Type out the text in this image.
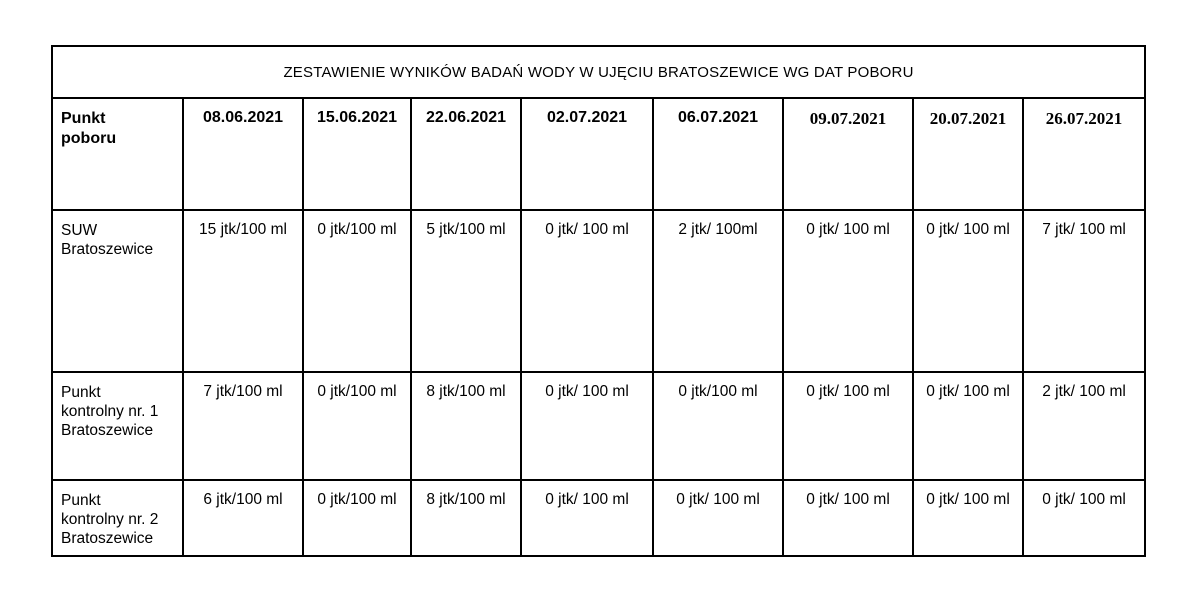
ZESTAWIENIE WYNIKÓW BADAŃ WODY W UJĘCIU BRATOSZEWICE WG DAT POBORU								

Punkt
poboru	08.06.2021	15.06.2021	22.06.2021	02.07.2021	06.07.2021	09.07.2021	20.07.2021	26.07.2021

SUW
Bratoszewice	15 jtk/100 ml	0 jtk/100 ml	5 jtk/100 ml	0 jtk/ 100 ml	2 jtk/ 100ml	0 jtk/ 100 ml	0 jtk/ 100 ml	7 jtk/ 100 ml

Punkt
kontrolny nr. 1
Bratoszewice	7 jtk/100 ml	0 jtk/100 ml	8 jtk/100 ml	0 jtk/ 100 ml	0 jtk/100 ml	0 jtk/ 100 ml	0 jtk/ 100 ml	2 jtk/ 100 ml

Punkt
kontrolny nr. 2
Bratoszewice	6 jtk/100 ml	0 jtk/100 ml	8 jtk/100 ml	0 jtk/ 100 ml	0 jtk/ 100 ml	0 jtk/ 100 ml	0 jtk/ 100 ml	0 jtk/ 100 ml
